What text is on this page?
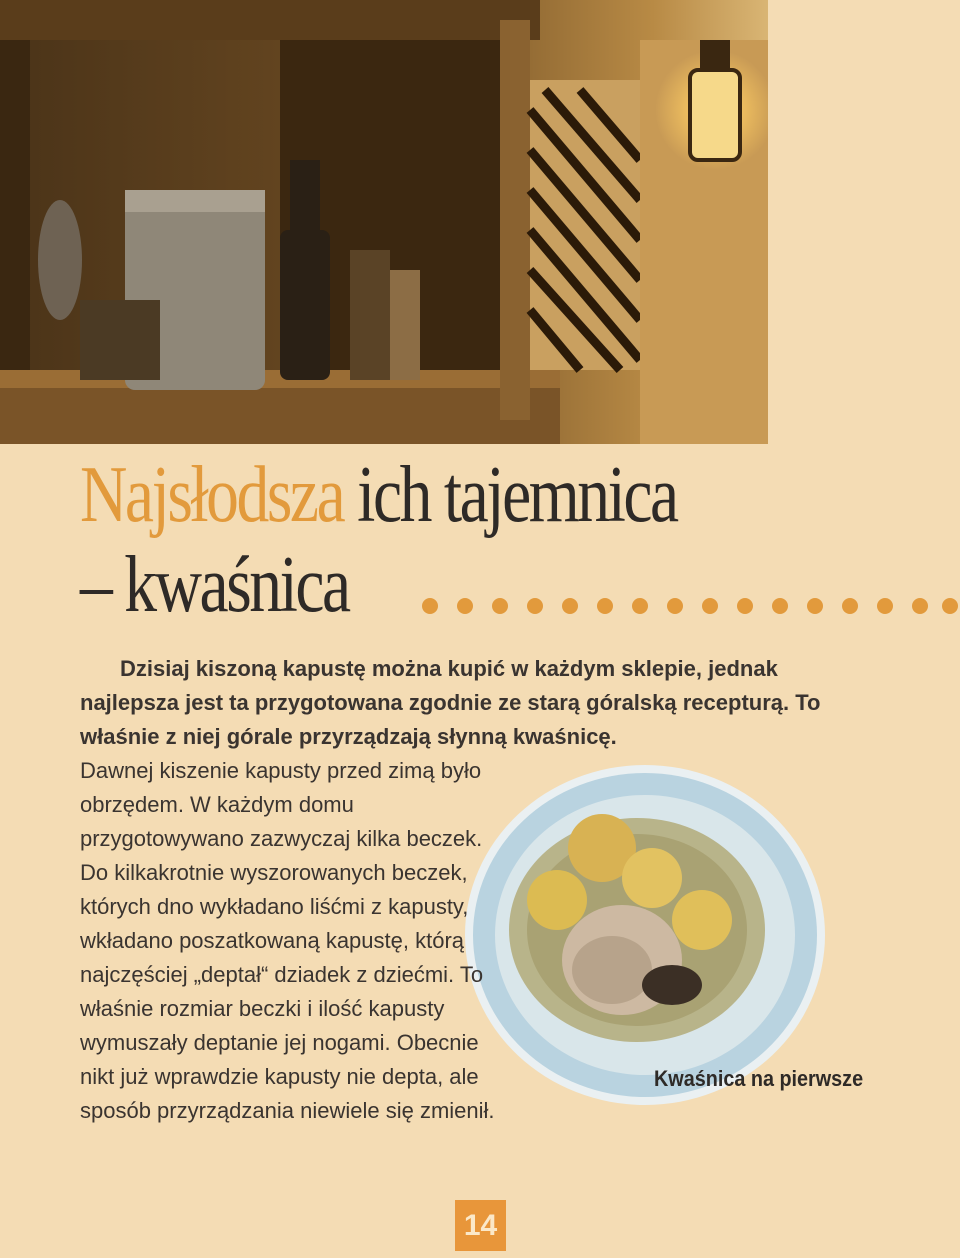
Najsłodsza ich tajemnica
– kwaśnica

Dzisiaj kiszoną kapustę można kupić w każdym sklepie, jednak najlepsza jest ta przygotowana zgodnie ze starą góralską recepturą. To właśnie z niej górale przyrządzają słynną kwaśnicę.

Dawnej kiszenie kapusty przed zimą było obrzędem. W każdym domu przygotowywano zazwyczaj kilka beczek. Do kilkakrotnie wyszorowanych beczek, których dno wykładano liśćmi z kapusty, wkładano poszatkowaną kapustę, którą najczęściej „deptał“ dziadek z dziećmi. To właśnie rozmiar beczki i ilość kapusty wymuszały deptanie jej nogami. Obecnie nikt już wprawdzie kapusty nie depta, ale sposób przyrządzania niewiele się zmienił.

Kwaśnica na pierwsze

14
